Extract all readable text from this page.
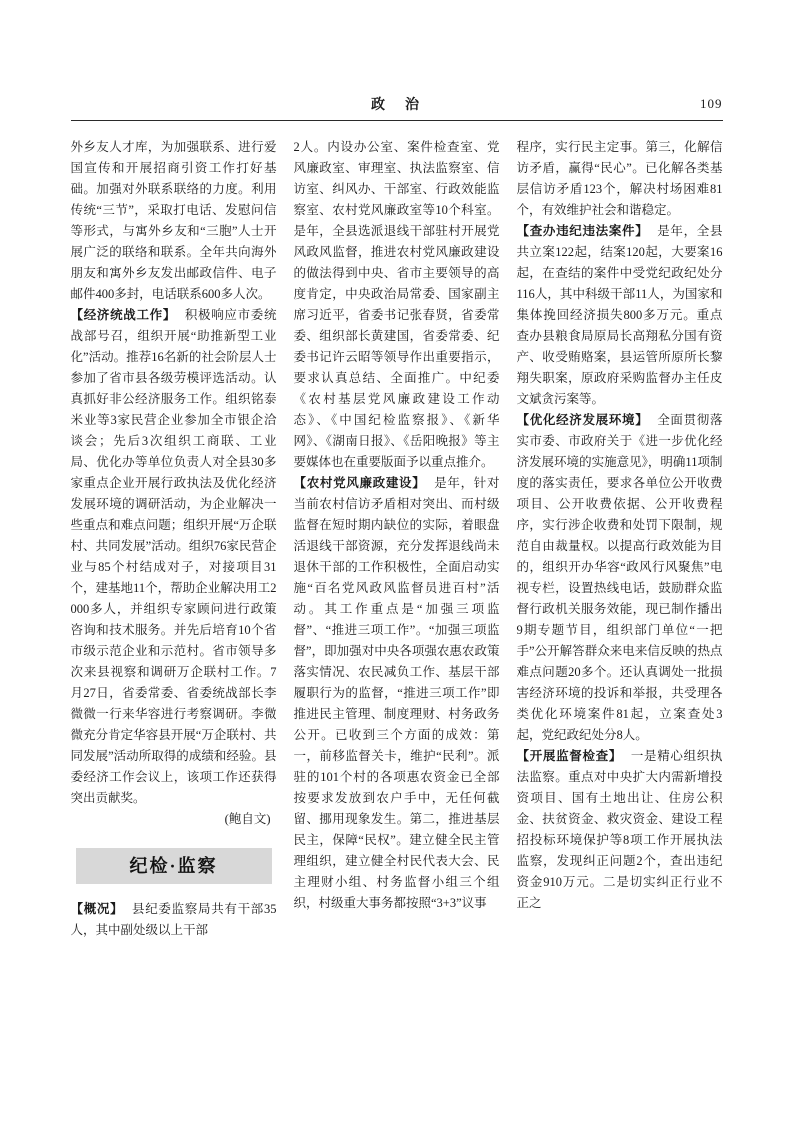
政　治	109

外乡友人才库，为加强联系、进行爱国宣传和开展招商引资工作打好基础。加强对外联系联络的力度。利用传统“三节”，采取打电话、发慰问信等形式，与寓外乡友和“三胞”人士开展广泛的联络和联系。全年共向海外朋友和寓外乡友发出邮政信件、电子邮件400多封，电话联系600多人次。

【经济统战工作】 积极响应市委统战部号召，组织开展“助推新型工业化”活动。推荐16名新的社会阶层人士参加了省市县各级劳模评选活动。认真抓好非公经济服务工作。组织铭泰米业等3家民营企业参加全市银企洽谈会；先后3次组织工商联、工业局、优化办等单位负责人对全县30多家重点企业开展行政执法及优化经济发展环境的调研活动，为企业解决一些重点和难点问题；组织开展“万企联村、共同发展”活动。组织76家民营企业与85个村结成对子，对接项目31个，建基地11个，帮助企业解决用工2000多人，并组织专家顾问进行政策咨询和技术服务。并先后培育10个省市级示范企业和示范村。省市领导多次来县视察和调研万企联村工作。7月27日，省委常委、省委统战部长李微微一行来华容进行考察调研。李微微充分肯定华容县开展“万企联村、共同发展”活动所取得的成绩和经验。县委经济工作会议上，该项工作还获得突出贡献奖。

(鲍自文)

纪检·监察

【概况】 县纪委监察局共有干部35人，其中副处级以上干部

2人。内设办公室、案件检查室、党风廉政室、审理室、执法监察室、信访室、纠风办、干部室、行政效能监察室、农村党风廉政室等10个科室。是年，全县选派退线干部驻村开展党风政风监督，推进农村党风廉政建设的做法得到中央、省市主要领导的高度肯定，中央政治局常委、国家副主席习近平，省委书记张春贤，省委常委、组织部长黄建国，省委常委、纪委书记许云昭等领导作出重要指示，要求认真总结、全面推广。中纪委《农村基层党风廉政建设工作动态》、《中国纪检监察报》、《新华网》、《湖南日报》、《岳阳晚报》等主要媒体也在重要版面予以重点推介。

【农村党风廉政建设】 是年，针对当前农村信访矛盾相对突出、而村级监督在短时期内缺位的实际，着眼盘活退线干部资源，充分发挥退线尚未退休干部的工作积极性，全面启动实施“百名党风政风监督员进百村”活动。其工作重点是“加强三项监督”、“推进三项工作”。“加强三项监督”，即加强对中央各项强农惠农政策落实情况、农民减负工作、基层干部履职行为的监督，“推进三项工作”即推进民主管理、制度理财、村务政务公开。已收到三个方面的成效：第一，前移监督关卡，维护“民利”。派驻的101个村的各项惠农资金已全部按要求发放到农户手中，无任何截留、挪用现象发生。第二，推进基层民主，保障“民权”。建立健全民主管理组织，建立健全村民代表大会、民主理财小组、村务监督小组三个组织，村级重大事务都按照“3+3”议事

程序，实行民主定事。第三，化解信访矛盾，赢得“民心”。已化解各类基层信访矛盾123个，解决村场困难81个，有效维护社会和谐稳定。

【查办违纪违法案件】 是年，全县共立案122起，结案120起，大要案16起，在查结的案件中受党纪政纪处分116人，其中科级干部11人，为国家和集体挽回经济损失800多万元。重点查办县粮食局原局长高翔私分国有资产、收受贿赂案，县运管所原所长黎翔失职案，原政府采购监督办主任皮文斌贪污案等。

【优化经济发展环境】 全面贯彻落实市委、市政府关于《进一步优化经济发展环境的实施意见》，明确11项制度的落实责任，要求各单位公开收费项目、公开收费依据、公开收费程序，实行涉企收费和处罚下限制，规范自由裁量权。以提高行政效能为目的，组织开办华容“政风行风聚焦”电视专栏，设置热线电话，鼓励群众监督行政机关服务效能，现已制作播出9期专题节目，组织部门单位“一把手”公开解答群众来电来信反映的热点难点问题20多个。还认真调处一批损害经济环境的投诉和举报，共受理各类优化环境案件81起，立案查处3起，党纪政纪处分8人。

【开展监督检查】 一是精心组织执法监察。重点对中央扩大内需新增投资项目、国有土地出让、住房公积金、扶贫资金、救灾资金、建设工程招投标环境保护等8项工作开展执法监察，发现纠正问题2个，查出违纪资金910万元。二是切实纠正行业不正之
